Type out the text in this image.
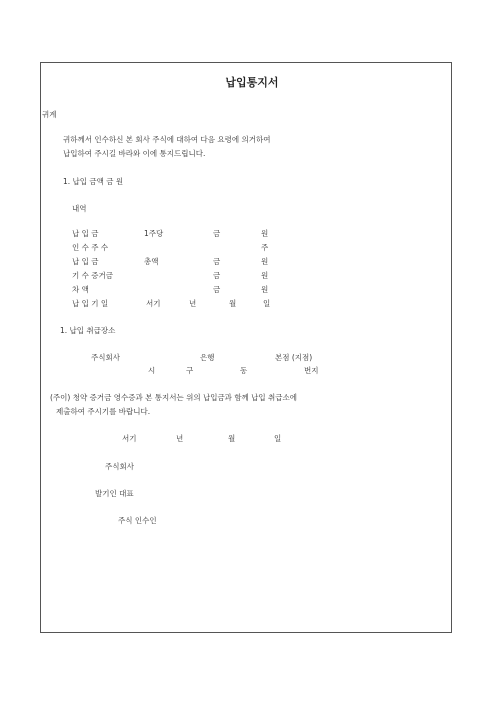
납입통지서
귀계
귀하께서 인수하신 본 회사 주식에 대하여 다음 요령에 의거하여
납입하여 주시길 바라와 이에 통지드립니다.
1. 납입 금액 금 원
내역
납 입 금	1주당	금	원
인 수 주 수	주
납 입 금	총액	금	원
기 수 증거금	금	원
차 액	금	원
납 입 기 일	서기	년	월	일
1. 납입 취급장소
주식회사	은행	본점 (지점)
시	구	동	번지
(주이) 청약 증거금 영수증과 본 통지서는 위의 납입금과 함께 납입 취급소에
제출하여 주시기를 바랍니다.
서기	년	월	일
주식회사
발기인 대표
주식 인수인
